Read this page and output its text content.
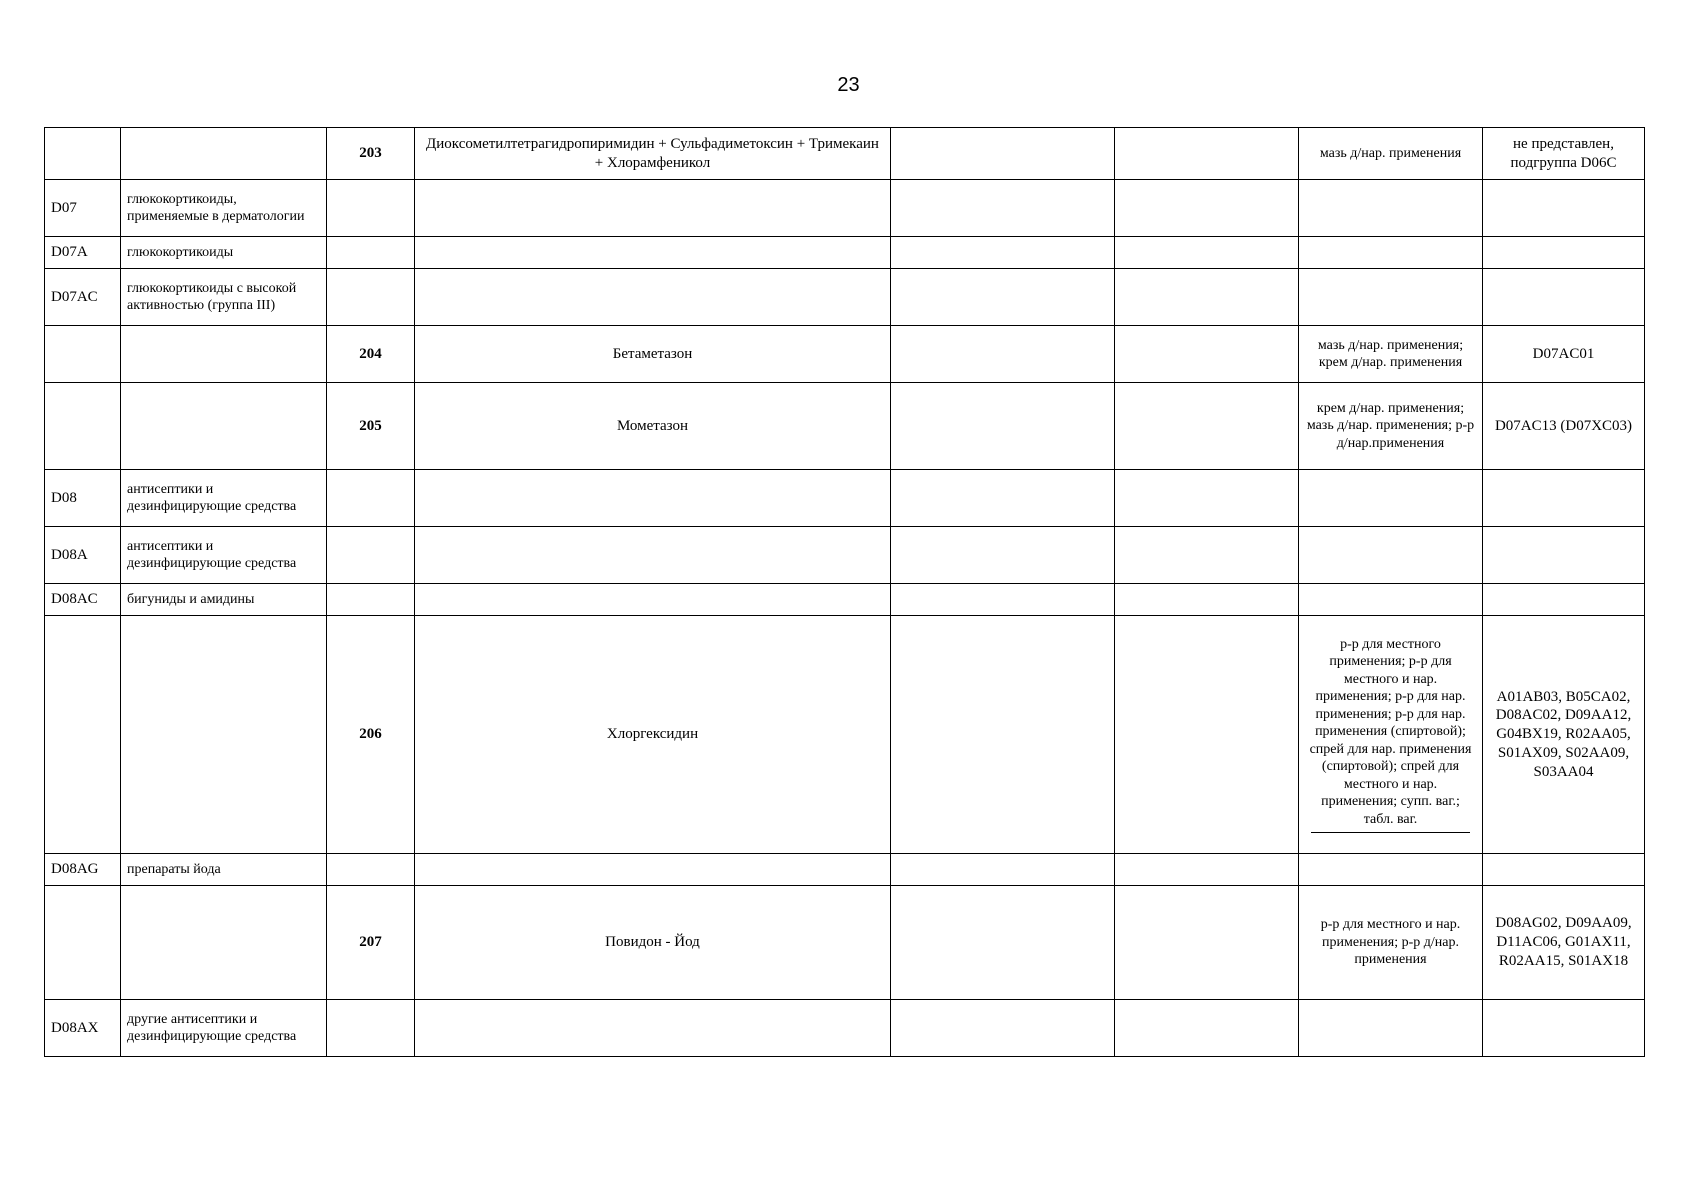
23
		203	Диоксометилтетрагидропиримидин + Сульфадиметоксин + Тримекаин + Хлорамфеникол			мазь д/нар. применения	не представлен, подгруппа D06C
D07	глюкокортикоиды, применяемые в дерматологии						
D07A	глюкокортикоиды						
D07AC	глюкокортикоиды с высокой активностью (группа III)						
		204	Бетаметазон			мазь д/нар. применения; крем д/нар. применения	D07AC01
		205	Мометазон			крем д/нар. применения; мазь д/нар. применения; р-р д/нар.применения	D07AC13 (D07XC03)
D08	антисептики и дезинфицирующие средства						
D08A	антисептики и дезинфицирующие средства						
D08AC	бигуниды и амидины						
		206	Хлоргексидин			р-р для местного применения; р-р для местного и нар. применения; р-р для нар. применения; р-р для нар. применения (спиртовой); спрей для нар. применения (спиртовой); спрей для местного и нар. применения; супп. ваг.; табл. ваг.	A01AB03, B05CA02, D08AC02, D09AA12, G04BX19, R02AA05, S01AX09, S02AA09, S03AA04
D08AG	препараты йода						
		207	Повидон - Йод			р-р для местного и нар. применения; р-р д/нар. применения	D08AG02, D09AA09, D11AC06, G01AX11, R02AA15, S01AX18
D08AX	другие антисептики и дезинфицирующие средства						
